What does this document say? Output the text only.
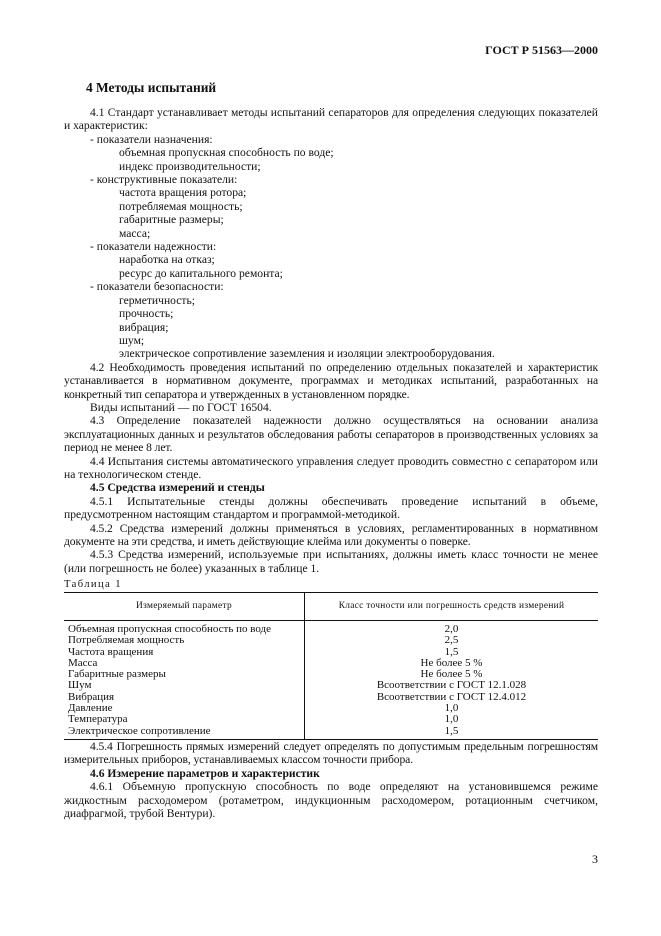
ГОСТ Р 51563—2000
4 Методы испытаний

4.1 Стандарт устанавливает методы испытаний сепараторов для определения следующих показателей и характеристик:

- показатели назначения:

объемная пропускная способность по воде;

индекс производительности;

- конструктивные показатели:

частота вращения ротора;

потребляемая мощность;

габаритные размеры;

масса;

- показатели надежности:

наработка на отказ;

ресурс до капитального ремонта;

- показатели безопасности:

герметичность;

прочность;

вибрация;

шум;

электрическое сопротивление заземления и изоляции электрооборудования.

4.2 Необходимость проведения испытаний по определению отдельных показателей и характеристик устанавливается в нормативном документе, программах и методиках испытаний, разработанных на конкретный тип сепаратора и утвержденных в установленном порядке.

Виды испытаний — по ГОСТ 16504.

4.3 Определение показателей надежности должно осуществляться на основании анализа эксплуатационных данных и результатов обследования работы сепараторов в производственных условиях за период не менее 8 лет.

4.4 Испытания системы автоматического управления следует проводить совместно с сепаратором или на технологическом стенде.

4.5 Средства измерений и стенды

4.5.1 Испытательные стенды должны обеспечивать проведение испытаний в объеме, предусмотренном настоящим стандартом и программой-методикой.

4.5.2 Средства измерений должны применяться в условиях, регламентированных в нормативном документе на эти средства, и иметь действующие клейма или документы о поверке.

4.5.3 Средства измерений, используемые при испытаниях, должны иметь класс точности не менее (или погрешность не более) указанных в таблице 1.

Таблица 1
Измеряемый параметр	Класс точности или погрешность средств измерений
Объемная пропускная способность по воде	2,0
Потребляемая мощность	2,5
Частота вращения	1,5
Масса	Не более 5 %
Габаритные размеры	Не более 5 %
Шум	Всоответствии с ГОСТ 12.1.028
Вибрация	Всоответствии с ГОСТ 12.4.012
Давление	1,0
Температура	1,0
Электрическое сопротивление	1,5

4.5.4 Погрешность прямых измерений следует определять по допустимым предельным погрешностям измерительных приборов, устанавливаемых классом точности прибора.

4.6 Измерение параметров и характеристик

4.6.1 Объемную пропускную способность по воде определяют на установившемся режиме жидкостным расходомером (ротаметром, индукционным расходомером, ротационным счетчиком, диафрагмой, трубой Вентури).

3
